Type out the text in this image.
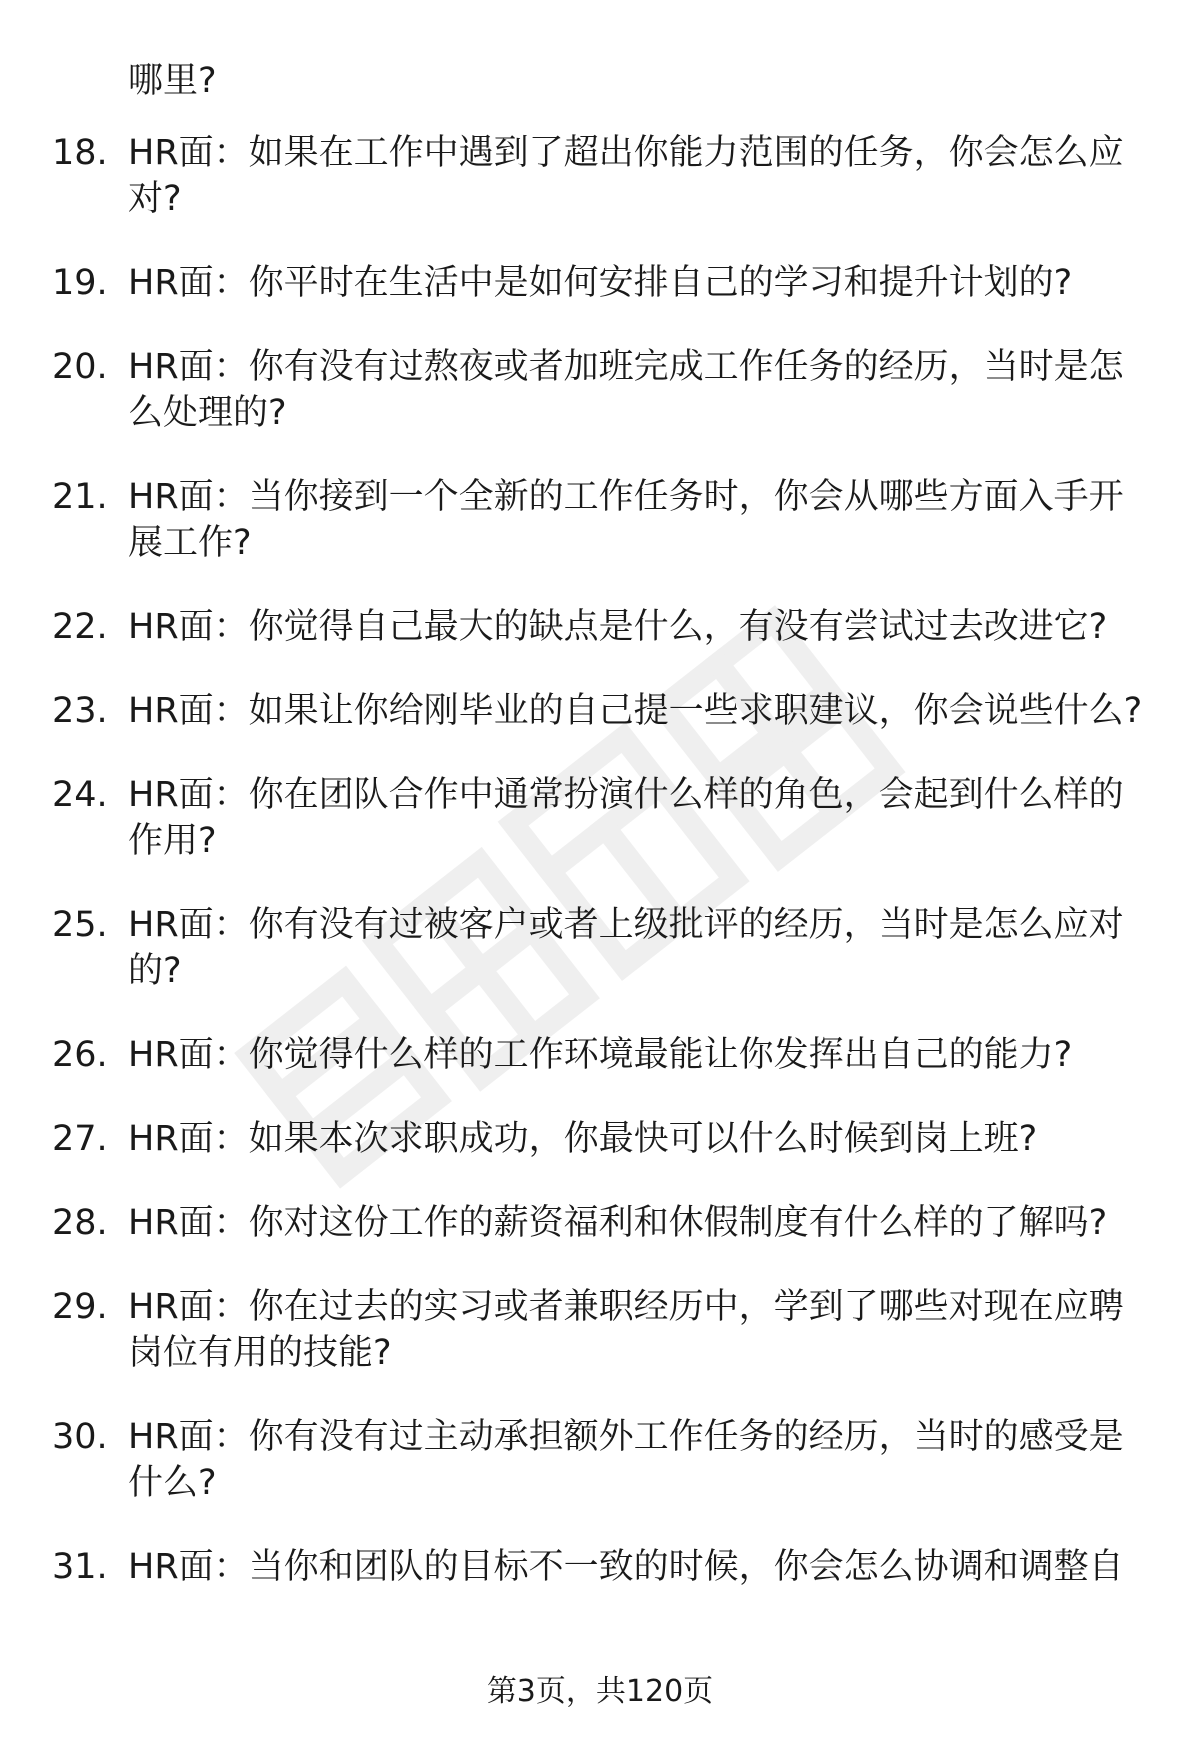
哪里?
18. HR面：如果在工作中遇到了超出你能力范围的任务，你会怎么应对?
19. HR面：你平时在生活中是如何安排自己的学习和提升计划的?
20. HR面：你有没有过熬夜或者加班完成工作任务的经历，当时是怎么处理的?
21. HR面：当你接到一个全新的工作任务时，你会从哪些方面入手开展工作?
22. HR面：你觉得自己最大的缺点是什么，有没有尝试过去改进它?
23. HR面：如果让你给刚毕业的自己提一些求职建议，你会说些什么?
24. HR面：你在团队合作中通常扮演什么样的角色，会起到什么样的作用?
25. HR面：你有没有过被客户或者上级批评的经历，当时是怎么应对的?
26. HR面：你觉得什么样的工作环境最能让你发挥出自己的能力?
27. HR面：如果本次求职成功，你最快可以什么时候到岗上班?
28. HR面：你对这份工作的薪资福利和休假制度有什么样的了解吗?
29. HR面：你在过去的实习或者兼职经历中，学到了哪些对现在应聘岗位有用的技能?
30. HR面：你有没有过主动承担额外工作任务的经历，当时的感受是什么?
31. HR面：当你和团队的目标不一致的时候，你会怎么协调和调整自
第3页，共120页
